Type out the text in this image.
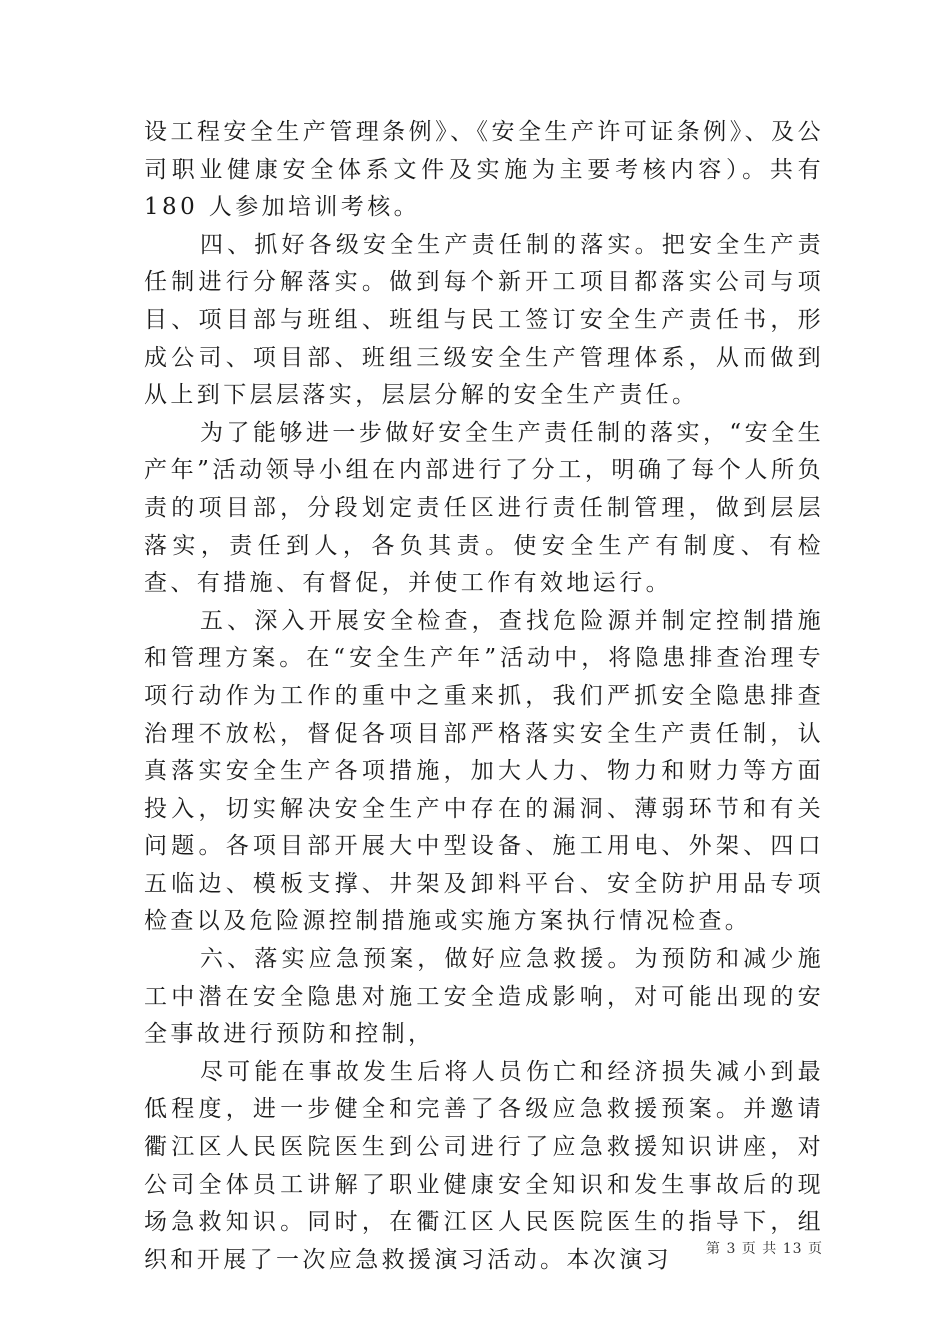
设工程安全生产管理条例》、《安全生产许可证条例》、及公司职业健康安全体系文件及实施为主要考核内容）。共有 180 人参加培训考核。

四、抓好各级安全生产责任制的落实。把安全生产责任制进行分解落实。做到每个新开工项目都落实公司与项目、项目部与班组、班组与民工签订安全生产责任书，形成公司、项目部、班组三级安全生产管理体系，从而做到从上到下层层落实，层层分解的安全生产责任。

为了能够进一步做好安全生产责任制的落实，“安全生产年”活动领导小组在内部进行了分工，明确了每个人所负责的项目部，分段划定责任区进行责任制管理，做到层层落实，责任到人，各负其责。使安全生产有制度、有检查、有措施、有督促，并使工作有效地运行。

五、深入开展安全检查，查找危险源并制定控制措施和管理方案。在“安全生产年”活动中，将隐患排查治理专项行动作为工作的重中之重来抓，我们严抓安全隐患排查治理不放松，督促各项目部严格落实安全生产责任制，认真落实安全生产各项措施，加大人力、物力和财力等方面投入，切实解决安全生产中存在的漏洞、薄弱环节和有关问题。各项目部开展大中型设备、施工用电、外架、四口五临边、模板支撑、井架及卸料平台、安全防护用品专项检查以及危险源控制措施或实施方案执行情况检查。

六、落实应急预案，做好应急救援。为预防和减少施工中潜在安全隐患对施工安全造成影响，对可能出现的安全事故进行预防和控制，

尽可能在事故发生后将人员伤亡和经济损失减小到最低程度，进一步健全和完善了各级应急救援预案。并邀请衢江区人民医院医生到公司进行了应急救援知识讲座，对公司全体员工讲解了职业健康安全知识和发生事故后的现场急救知识。同时，在衢江区人民医院医生的指导下，组织和开展了一次应急救援演习活动。本次演习	第 3 页 共 13 页
